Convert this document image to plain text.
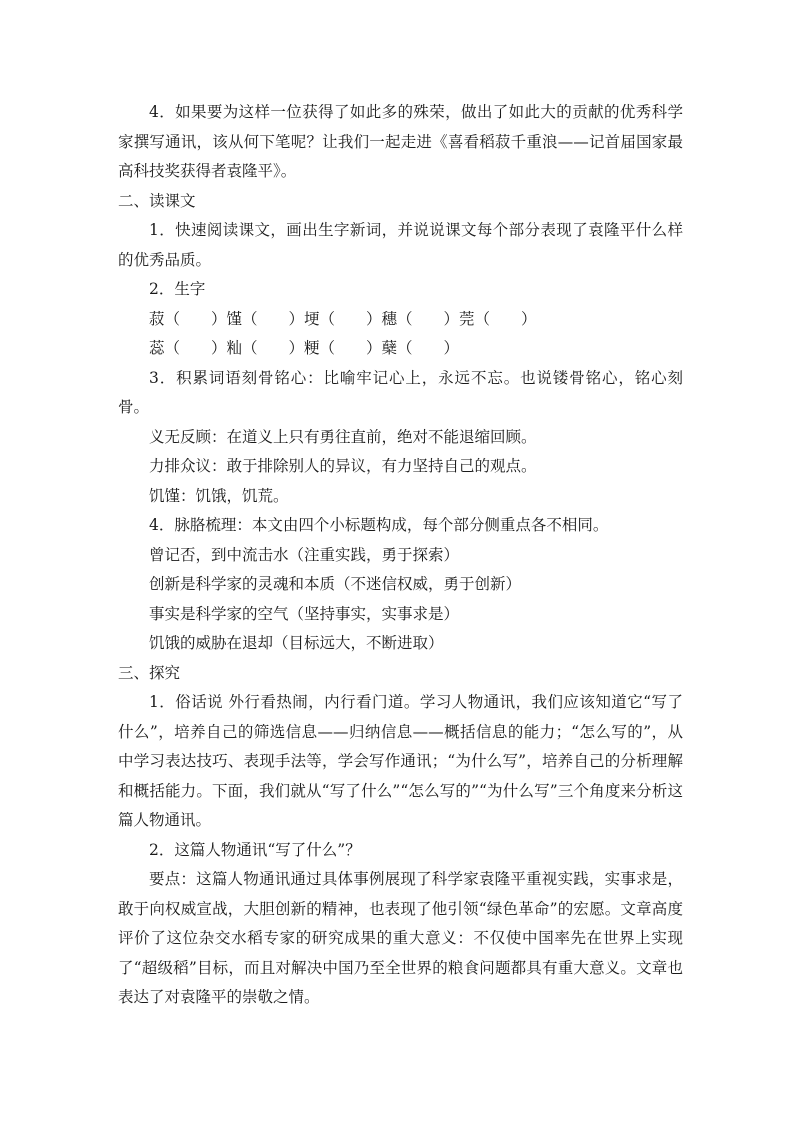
4．如果要为这样一位获得了如此多的殊荣，做出了如此大的贡献的优秀科学家撰写通讯，该从何下笔呢？让我们一起走进《喜看稻菽千重浪——记首届国家最高科技奖获得者袁隆平》。

二、读课文

1．快速阅读课文，画出生字新词，并说说课文每个部分表现了袁隆平什么样的优秀品质。

2．生字

菽（　　）馑（　　）埂（　　）穗（　　）莞（　　）

蕊（　　）籼（　　）粳（　　）蘖（　　）

3．积累词语刻骨铭心：比喻牢记心上，永远不忘。也说镂骨铭心，铭心刻骨。

义无反顾：在道义上只有勇往直前，绝对不能退缩回顾。

力排众议：敢于排除别人的异议，有力坚持自己的观点。

饥馑：饥饿，饥荒。

4．脉胳梳理：本文由四个小标题构成，每个部分侧重点各不相同。

曾记否，到中流击水（注重实践，勇于探索）

创新是科学家的灵魂和本质（不迷信权威，勇于创新）

事实是科学家的空气（坚持事实，实事求是）

饥饿的威胁在退却（目标远大，不断进取）

三、探究

1．俗话说 外行看热闹，内行看门道。学习人物通讯，我们应该知道它“写了什么”，培养自己的筛选信息——归纳信息——概括信息的能力；“怎么写的”，从中学习表达技巧、表现手法等，学会写作通讯；“为什么写”，培养自己的分析理解和概括能力。下面，我们就从“写了什么”“怎么写的”“为什么写”三个角度来分析这篇人物通讯。

2．这篇人物通讯“写了什么”？

要点：这篇人物通讯通过具体事例展现了科学家袁隆平重视实践，实事求是，敢于向权威宣战，大胆创新的精神，也表现了他引领“绿色革命”的宏愿。文章高度评价了这位杂交水稻专家的研究成果的重大意义：不仅使中国率先在世界上实现了“超级稻”目标，而且对解决中国乃至全世界的粮食问题都具有重大意义。文章也表达了对袁隆平的崇敬之情。
